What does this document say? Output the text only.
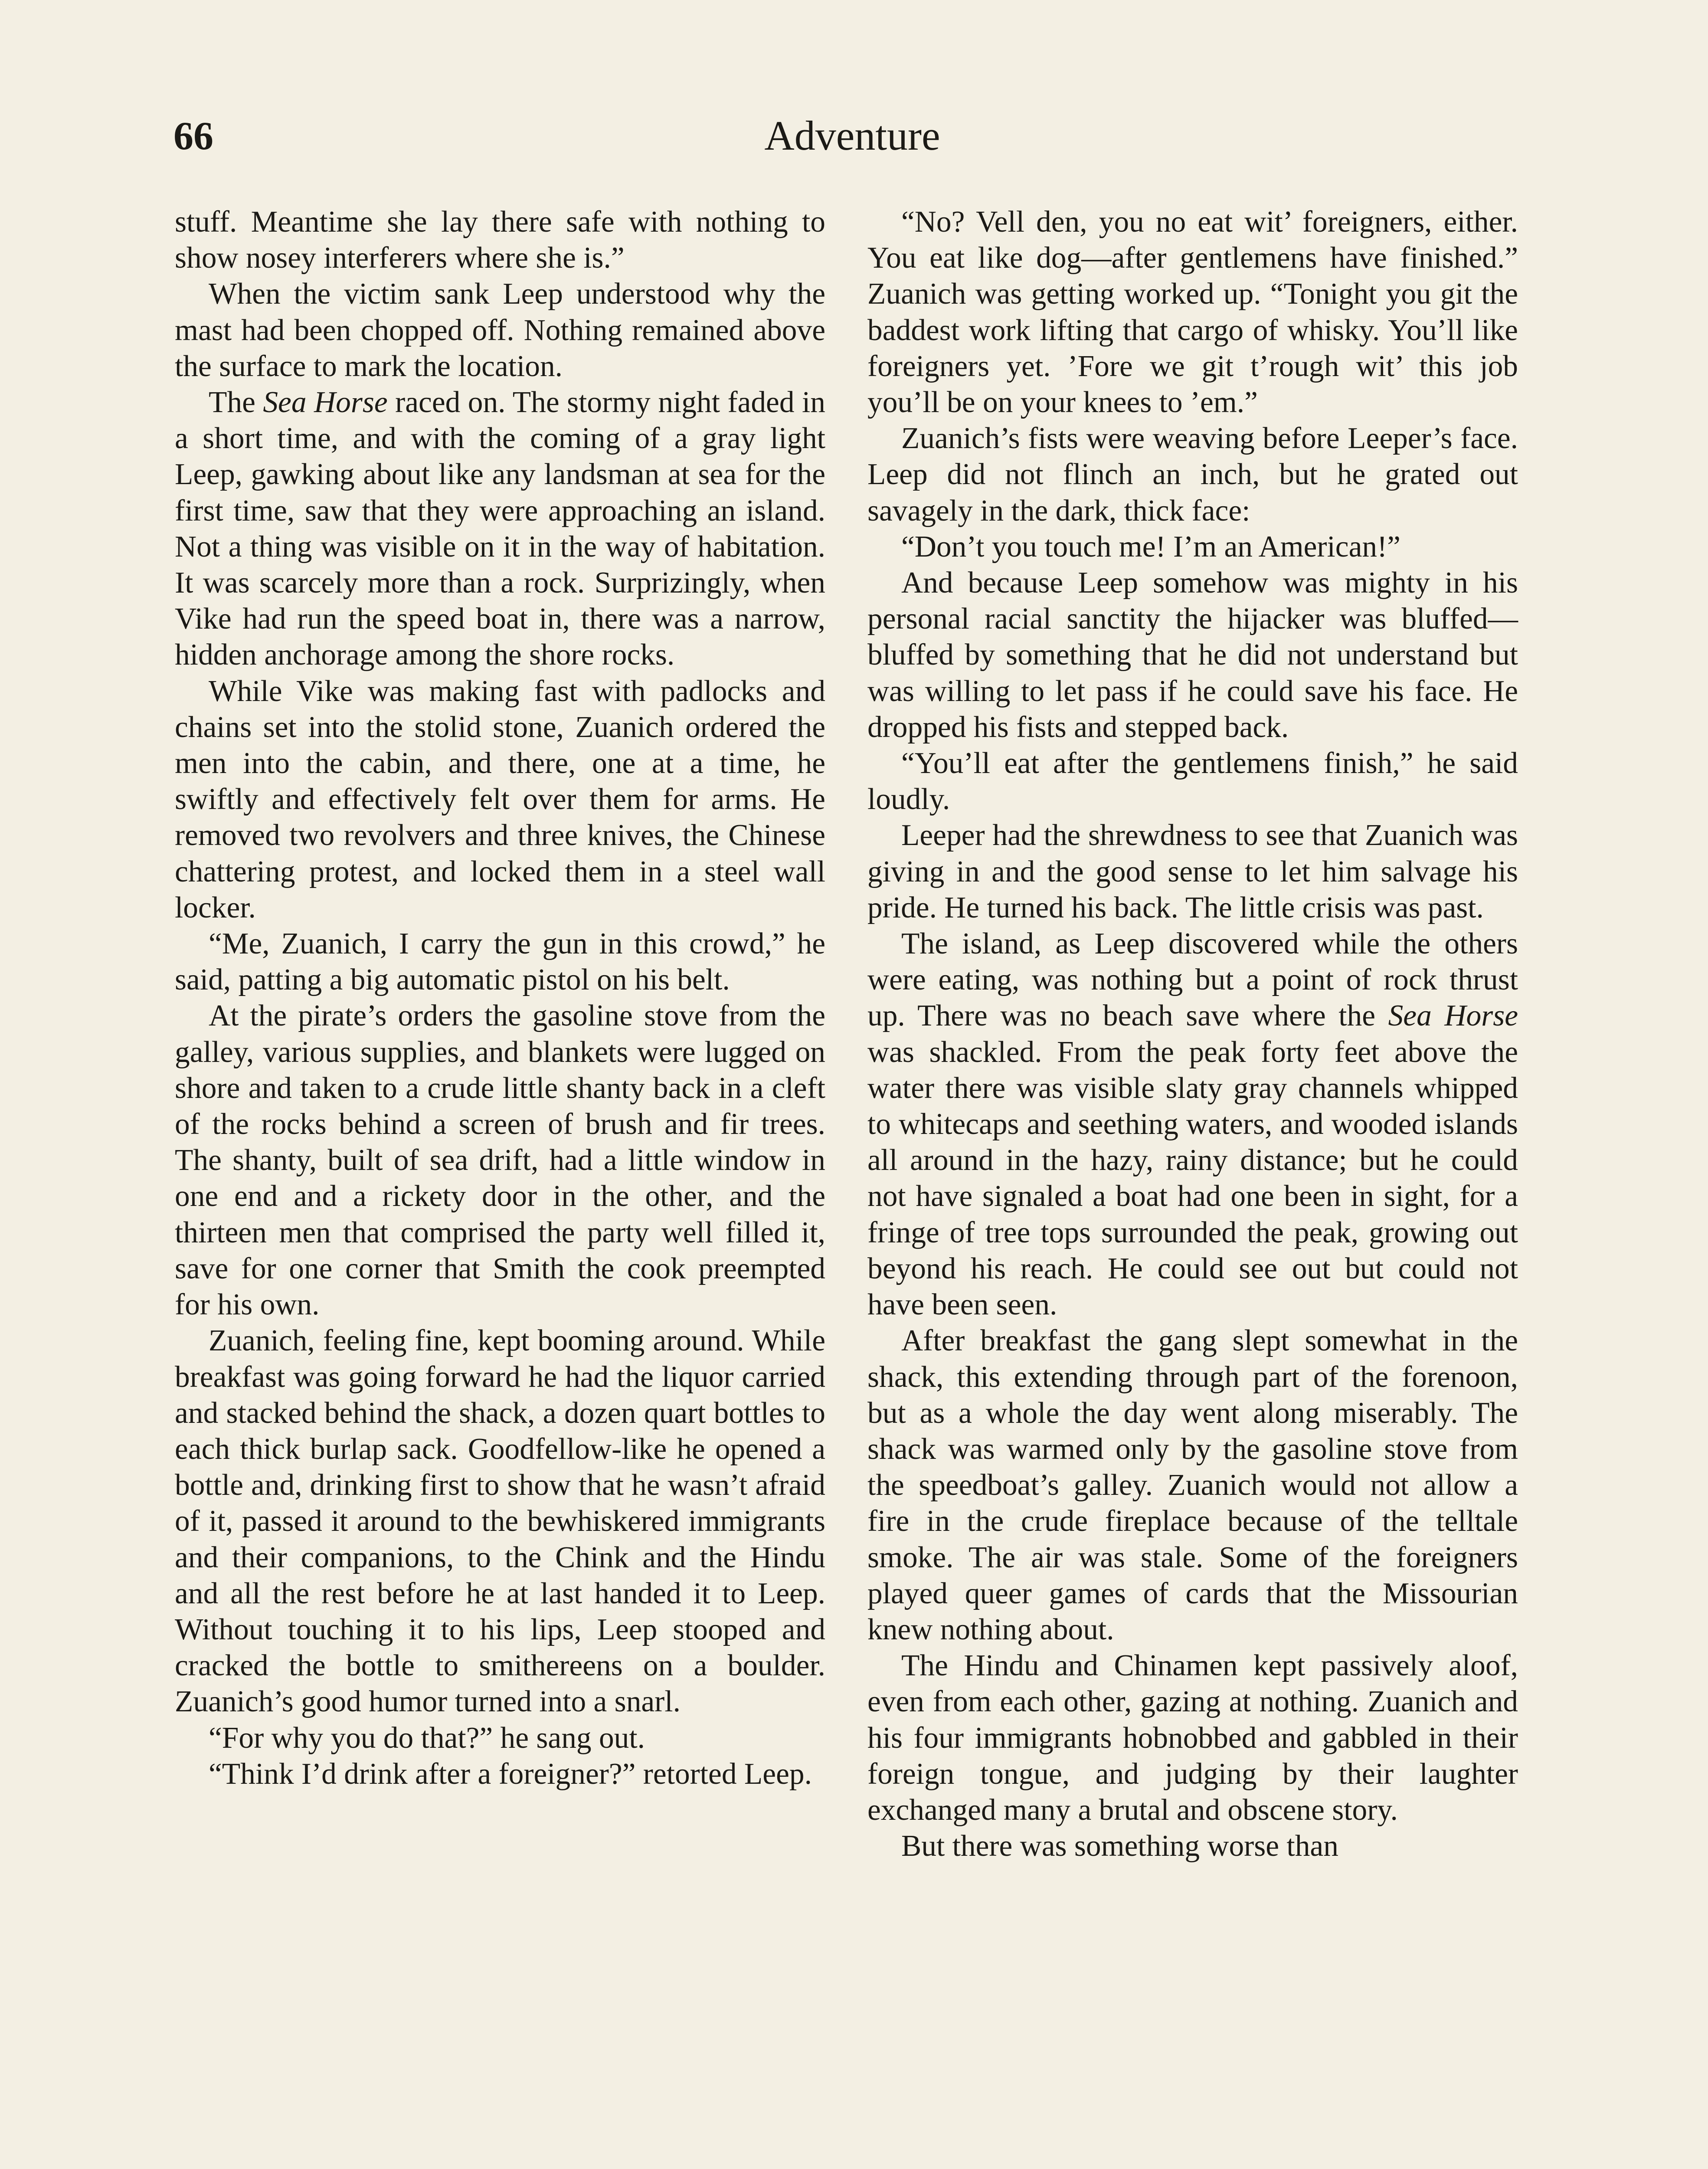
66	Adventure

stuff. Meantime she lay there safe with nothing to show nosey interferers where she is.”

When the victim sank Leep understood why the mast had been chopped off. Nothing remained above the surface to mark the location.

The Sea Horse raced on. The stormy night faded in a short time, and with the coming of a gray light Leep, gawking about like any landsman at sea for the first time, saw that they were approaching an island. Not a thing was visible on it in the way of habitation. It was scarcely more than a rock. Surprizingly, when Vike had run the speed boat in, there was a narrow, hidden anchorage among the shore rocks.

While Vike was making fast with padlocks and chains set into the stolid stone, Zuanich ordered the men into the cabin, and there, one at a time, he swiftly and effectively felt over them for arms. He removed two revolvers and three knives, the Chinese chattering protest, and locked them in a steel wall locker.

“Me, Zuanich, I carry the gun in this crowd,” he said, patting a big automatic pistol on his belt.

At the pirate’s orders the gasoline stove from the galley, various supplies, and blankets were lugged on shore and taken to a crude little shanty back in a cleft of the rocks behind a screen of brush and fir trees. The shanty, built of sea drift, had a little window in one end and a rickety door in the other, and the thirteen men that comprised the party well filled it, save for one corner that Smith the cook preempted for his own.

Zuanich, feeling fine, kept booming around. While breakfast was going forward he had the liquor carried and stacked behind the shack, a dozen quart bottles to each thick burlap sack. Goodfellow-like he opened a bottle and, drinking first to show that he wasn’t afraid of it, passed it around to the bewhiskered immigrants and their companions, to the Chink and the Hindu and all the rest before he at last handed it to Leep. Without touching it to his lips, Leep stooped and cracked the bottle to smithereens on a boulder. Zuanich’s good humor turned into a snarl.

“For why you do that?” he sang out.

“Think I’d drink after a foreigner?” retorted Leep.

“No? Vell den, you no eat wit’ foreigners, either. You eat like dog—after gentlemens have finished.” Zuanich was getting worked up. “Tonight you git the baddest work lifting that cargo of whisky. You’ll like foreigners yet. ’Fore we git t’rough wit’ this job you’ll be on your knees to ’em.”

Zuanich’s fists were weaving before Leeper’s face. Leep did not flinch an inch, but he grated out savagely in the dark, thick face:

“Don’t you touch me! I’m an American!”

And because Leep somehow was mighty in his personal racial sanctity the hijacker was bluffed—bluffed by something that he did not understand but was willing to let pass if he could save his face. He dropped his fists and stepped back.

“You’ll eat after the gentlemens finish,” he said loudly.

Leeper had the shrewdness to see that Zuanich was giving in and the good sense to let him salvage his pride. He turned his back. The little crisis was past.

The island, as Leep discovered while the others were eating, was nothing but a point of rock thrust up. There was no beach save where the Sea Horse was shackled. From the peak forty feet above the water there was visible slaty gray channels whipped to whitecaps and seething waters, and wooded islands all around in the hazy, rainy distance; but he could not have signaled a boat had one been in sight, for a fringe of tree tops surrounded the peak, growing out beyond his reach. He could see out but could not have been seen.

After breakfast the gang slept somewhat in the shack, this extending through part of the forenoon, but as a whole the day went along miserably. The shack was warmed only by the gasoline stove from the speedboat’s galley. Zuanich would not allow a fire in the crude fireplace because of the telltale smoke. The air was stale. Some of the foreigners played queer games of cards that the Missourian knew nothing about.

The Hindu and Chinamen kept passively aloof, even from each other, gazing at nothing. Zuanich and his four immigrants hobnobbed and gabbled in their foreign tongue, and judging by their laughter exchanged many a brutal and obscene story.

But there was something worse than
